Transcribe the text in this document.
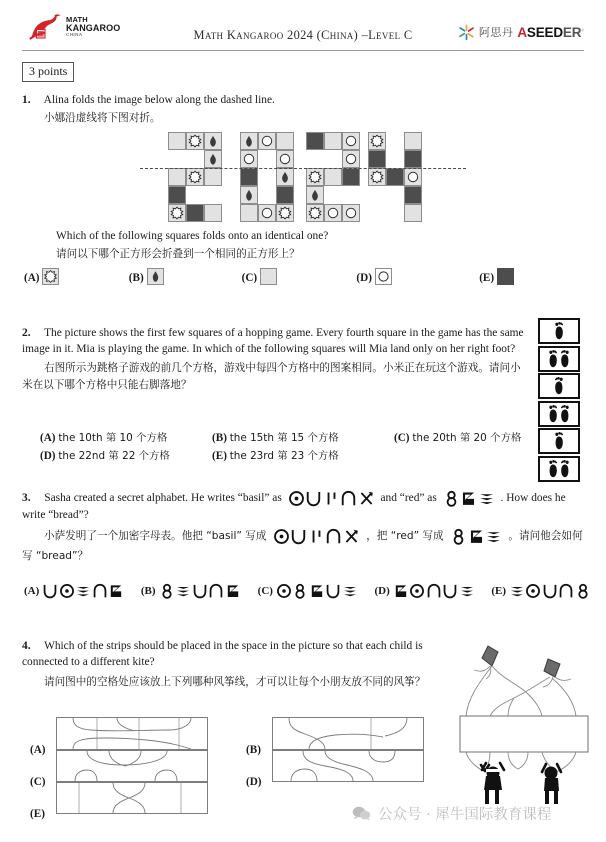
MATH
KANGAROO
CHINA	Math Kangaroo 2024 (China) –Level C	阿思丹 ASEEDER®
3 points
1. Alina folds the image below along the dashed line.
小娜沿虚线将下图对折。
Which of the following squares folds onto an identical one?
请问以下哪个正方形会折叠到一个相同的正方形上？
(A)	(B)	(C)	(D)	(E)
2. The picture shows the first few squares of a hopping game. Every fourth square in the game has the same image in it. Mia is playing the game. In which of the following squares will Mia land only on her right foot?
右图所示为跳格子游戏的前几个方格，游戏中每四个方格中的图案相同。小米正在玩这个游戏。请问小米在以下哪个方格中只能右脚落地？
(A) the 10th 第 10 个方格	(B) the 15th 第 15 个方格	(C) the 20th 第 20 个方格
(D) the 22nd 第 22 个方格	(E) the 23rd 第 23 个方格
3. Sasha created a secret alphabet. He writes “basil” as	and “red” as	. How does he write “bread”?
小萨发明了一个加密字母表。他把 “basil” 写成	，把 “red” 写成	。请问他会如何写 “bread”？
(A)	(B)	(C)	(D)	(E)
4. Which of the strips should be placed in the space in the picture so that each child is connected to a different kite?
请问图中的空格处应该放上下列哪种风筝线，才可以让每个小朋友放不同的风筝？
(A)	(B)
(C)	(D)
(E)	公众号 · 犀牛国际教育课程
